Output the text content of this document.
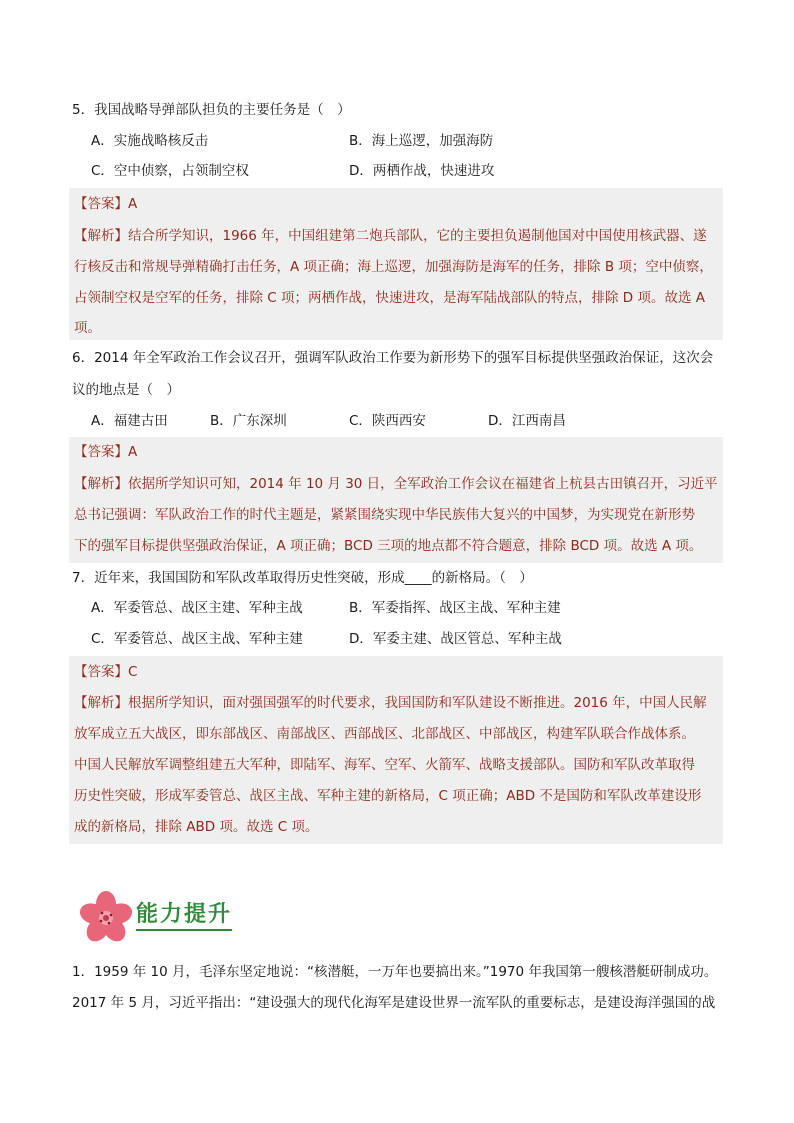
5．我国战略导弹部队担负的主要任务是（　）
A．实施战略核反击	B．海上巡逻，加强海防
C．空中侦察，占领制空权	D．两栖作战，快速进攻
【答案】A
【解析】结合所学知识，1966 年，中国组建第二炮兵部队，它的主要担负遏制他国对中国使用核武器、遂
行核反击和常规导弹精确打击任务，A 项正确；海上巡逻，加强海防是海军的任务，排除 B 项；空中侦察，
占领制空权是空军的任务，排除 C 项；两栖作战，快速进攻，是海军陆战部队的特点，排除 D 项。故选 A
项。
6．2014 年全军政治工作会议召开，强调军队政治工作要为新形势下的强军目标提供坚强政治保证，这次会
议的地点是（　）
A．福建古田	B．广东深圳	C．陕西西安	D．江西南昌
【答案】A
【解析】依据所学知识可知，2014 年 10 月 30 日，全军政治工作会议在福建省上杭县古田镇召开，习近平
总书记强调：军队政治工作的时代主题是，紧紧围绕实现中华民族伟大复兴的中国梦，为实现党在新形势
下的强军目标提供坚强政治保证，A 项正确；BCD 三项的地点都不符合题意，排除 BCD 项。故选 A 项。
7．近年来，我国国防和军队改革取得历史性突破，形成____的新格局。（　）
A．军委管总、战区主建、军种主战	B．军委指挥、战区主战、军种主建
C．军委管总、战区主战、军种主建	D．军委主建、战区管总、军种主战
【答案】C
【解析】根据所学知识，面对强国强军的时代要求，我国国防和军队建设不断推进。2016 年，中国人民解
放军成立五大战区，即东部战区、南部战区、西部战区、北部战区、中部战区，构建军队联合作战体系。
中国人民解放军调整组建五大军种，即陆军、海军、空军、火箭军、战略支援部队。国防和军队改革取得
历史性突破，形成军委管总、战区主战、军种主建的新格局，C 项正确；ABD 不是国防和军队改革建设形
成的新格局，排除 ABD 项。故选 C 项。
能力提升
1．1959 年 10 月，毛泽东坚定地说：“核潜艇，一万年也要搞出来。”1970 年我国第一艘核潜艇研制成功。
2017 年 5 月，习近平指出：“建设强大的现代化海军是建设世界一流军队的重要标志，是建设海洋强国的战
